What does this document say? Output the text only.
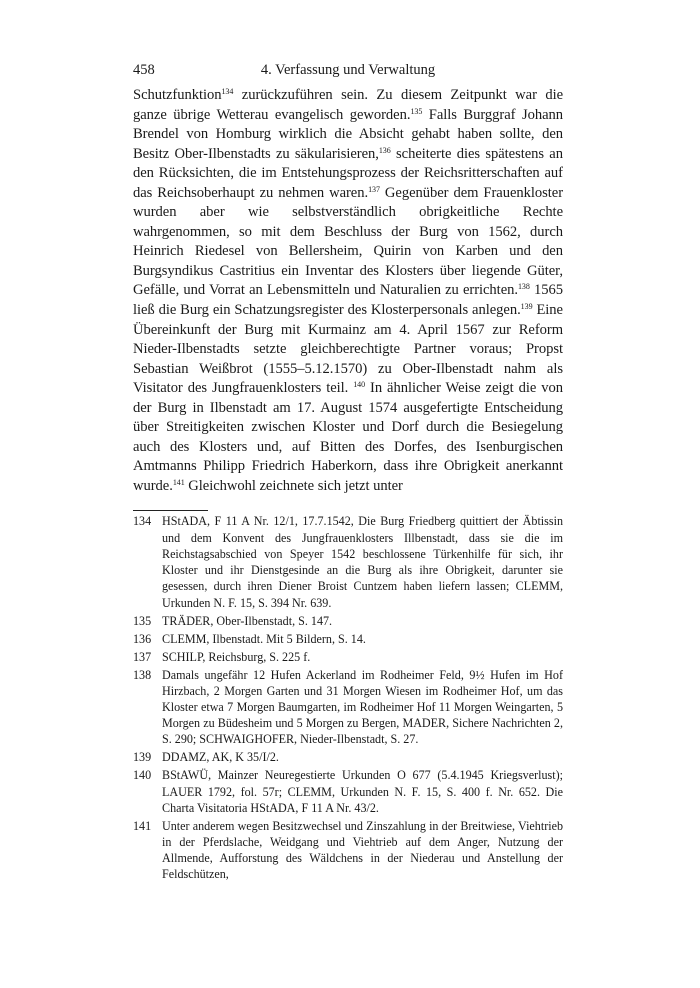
458	4. Verfassung und Verwaltung

Schutzfunktion$^{134}$ zurückzuführen sein. Zu diesem Zeitpunkt war die ganze übrige Wetterau evangelisch geworden.$^{135}$ Falls Burggraf Johann Brendel von Homburg wirklich die Absicht gehabt haben sollte, den Besitz Ober-Ilbenstadts zu säkularisieren,$^{136}$ scheiterte dies spätestens an den Rücksichten, die im Entstehungsprozess der Reichsritterschaften auf das Reichsoberhaupt zu nehmen waren.$^{137}$ Gegenüber dem Frauenkloster wurden aber wie selbstverständlich obrigkeitliche Rechte wahrgenommen, so mit dem Beschluss der Burg von 1562, durch Heinrich Riedesel von Bellersheim, Quirin von Karben und den Burgsyndikus Castritius ein Inventar des Klosters über liegende Güter, Gefälle, und Vorrat an Lebensmitteln und Naturalien zu errichten.$^{138}$ 1565 ließ die Burg ein Schatzungsregister des Klosterpersonals anlegen.$^{139}$ Eine Übereinkunft der Burg mit Kurmainz am 4. April 1567 zur Reform Nieder-Ilbenstadts setzte gleichberechtigte Partner voraus; Propst Sebastian Weißbrot (1555–5.12.1570) zu Ober-Ilbenstadt nahm als Visitator des Jungfrauenklosters teil. $^{140}$ In ähnlicher Weise zeigt die von der Burg in Ilbenstadt am 17. August 1574 ausgefertigte Entscheidung über Streitigkeiten zwischen Kloster und Dorf durch die Besiegelung auch des Klosters und, auf Bitten des Dorfes, des Isenburgischen Amtmanns Philipp Friedrich Haberkorn, dass ihre Obrigkeit anerkannt wurde.$^{141}$ Gleichwohl zeichnete sich jetzt unter

134 HStADA, F 11 A Nr. 12/1, 17.7.1542, Die Burg Friedberg quittiert der Äbtissin und dem Konvent des Jungfrauenklosters Illbenstadt, dass sie die im Reichstagsabschied von Speyer 1542 beschlossene Türkenhilfe für sich, ihr Kloster und ihr Dienstgesinde an die Burg als ihre Obrigkeit, darunter sie gesessen, durch ihren Diener Broist Cuntzem haben liefern lassen; CLEMM, Urkunden N. F. 15, S. 394 Nr. 639.
135 TRÄDER, Ober-Ilbenstadt, S. 147.
136 CLEMM, Ilbenstadt. Mit 5 Bildern, S. 14.
137 SCHILP, Reichsburg, S. 225 f.
138 Damals ungefähr 12 Hufen Ackerland im Rodheimer Feld, 9½ Hufen im Hof Hirzbach, 2 Morgen Garten und 31 Morgen Wiesen im Rodheimer Hof, um das Kloster etwa 7 Morgen Baumgarten, im Rodheimer Hof 11 Morgen Weingarten, 5 Morgen zu Büdesheim und 5 Morgen zu Bergen, MADER, Sichere Nachrichten 2, S. 290; SCHWAIGHOFER, Nieder-Ilbenstadt, S. 27.
139 DDAMZ, AK, K 35/I/2.
140 BStAWÜ, Mainzer Neuregestierte Urkunden O 677 (5.4.1945 Kriegsverlust); LAUER 1792, fol. 57r; CLEMM, Urkunden N. F. 15, S. 400 f. Nr. 652. Die Charta Visitatoria HStADA, F 11 A Nr. 43/2.
141 Unter anderem wegen Besitzwechsel und Zinszahlung in der Breitwiese, Viehtrieb in der Pferdslache, Weidgang und Viehtrieb auf dem Anger, Nutzung der Allmende, Aufforstung des Wäldchens in der Niederau und Anstellung der Feldschützen,
